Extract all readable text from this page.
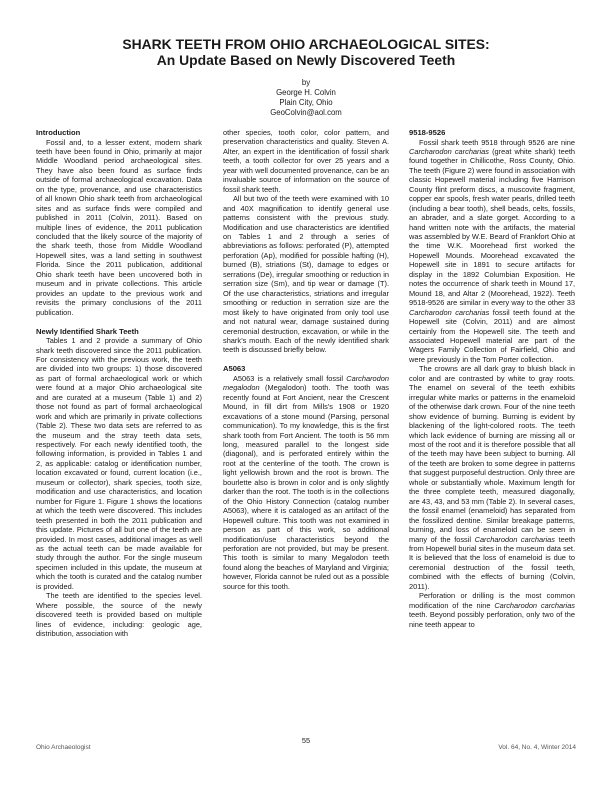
SHARK TEETH FROM OHIO ARCHAEOLOGICAL SITES:
An Update Based on Newly Discovered Teeth

by

George H. Colvin

Plain City, Ohio

GeoColvin@aol.com

Introduction

Fossil and, to a lesser extent, modern shark teeth have been found in Ohio, primarily at major Middle Woodland period archaeological sites. They have also been found as surface finds outside of formal archaeological excavation. Data on the type, provenance, and use characteristics of all known Ohio shark teeth from archaeological sites and as surface finds were compiled and published in 2011 (Colvin, 2011). Based on multiple lines of evidence, the 2011 publication concluded that the likely source of the majority of the shark teeth, those from Middle Woodland Hopewell sites, was a land setting in southwest Florida. Since the 2011 publication, additional Ohio shark teeth have been uncovered both in museum and in private collections. This article provides an update to the previous work and revisits the primary conclusions of the 2011 publication.

Newly Identified Shark Teeth

Tables 1 and 2 provide a summary of Ohio shark teeth discovered since the 2011 publication. For consistency with the previous work, the teeth are divided into two groups: 1) those discovered as part of formal archaeological work or which were found at a major Ohio archaeological site and are curated at a museum (Table 1) and 2) those not found as part of formal archaeological work and which are primarily in private collections (Table 2). These two data sets are referred to as the museum and the stray teeth data sets, respectively. For each newly identified tooth, the following information, is provided in Tables 1 and 2, as applicable: catalog or identification number, location excavated or found, current location (i.e., museum or collector), shark species, tooth size, modification and use characteristics, and location number for Figure 1. Figure 1 shows the locations at which the teeth were discovered. This includes teeth presented in both the 2011 publication and this update. Pictures of all but one of the teeth are provided. In most cases, additional images as well as the actual teeth can be made available for study through the author. For the single museum specimen included in this update, the museum at which the tooth is curated and the catalog number is provided.

The teeth are identified to the species level. Where possible, the source of the newly discovered teeth is provided based on multiple lines of evidence, including: geologic age, distribution, association with

other species, tooth color, color pattern, and preservation characteristics and quality. Steven A. Alter, an expert in the identification of fossil shark teeth, a tooth collector for over 25 years and a year with well documented provenance, can be an invaluable source of information on the source of fossil shark teeth.

All but two of the teeth were examined with 10 and 40X magnification to identify general use patterns consistent with the previous study. Modification and use characteristics are identified on Tables 1 and 2 through a series of abbreviations as follows: perforated (P), attempted perforation (Ap), modified for possible hafting (H), burned (B), striations (St), damage to edges or serrations (De), irregular smoothing or reduction in serration size (Sm), and tip wear or damage (T). Of the use characteristics, striations and irregular smoothing or reduction in serration size are the most likely to have originated from only tool use and not natural wear, damage sustained during ceremonial destruction, excavation, or while in the shark’s mouth. Each of the newly identified shark teeth is discussed briefly below.

A5063

A5063 is a relatively small fossil Carcharodon megalodon (Megalodon) tooth. The tooth was recently found at Fort Ancient, near the Crescent Mound, in fill dirt from Mills’s 1908 or 1920 excavations of a stone mound (Parsing, personal communication). To my knowledge, this is the first shark tooth from Fort Ancient. The tooth is 56 mm long, measured parallel to the longest side (diagonal), and is perforated entirely within the root at the centerline of the tooth. The crown is light yellowish brown and the root is brown. The bourlette also is brown in color and is only slightly darker than the root. The tooth is in the collections of the Ohio History Connection (catalog number A5063), where it is cataloged as an artifact of the Hopewell culture. This tooth was not examined in person as part of this work, so additional modification/use characteristics beyond the perforation are not provided, but may be present. This tooth is similar to many Megalodon teeth found along the beaches of Maryland and Virginia; however, Florida cannot be ruled out as a possible source for this tooth.

9518-9526

Fossil shark teeth 9518 through 9526 are nine Carcharodon carcharias (great white shark) teeth found together in Chillicothe, Ross County, Ohio. The teeth (Figure 2) were found in association with classic Hopewell material including five Harrison County flint preform discs, a muscovite fragment, copper ear spools, fresh water pearls, drilled teeth (including a bear tooth), shell beads, celts, fossils, an abrader, and a slate gorget. According to a hand written note with the artifacts, the material was assembled by W.E. Beard of Frankfort Ohio at the time W.K. Moorehead first worked the Hopewell Mounds. Moorehead excavated the Hopewell site in 1891 to secure artifacts for display in the 1892 Columbian Exposition. He notes the occurrence of shark teeth in Mound 17, Mound 18, and Altar 2 (Moorehead, 1922). Teeth 9518-9526 are similar in every way to the other 33 Carcharodon carcharias fossil teeth found at the Hopewell site (Colvin, 2011) and are almost certainly from the Hopewell site. The teeth and associated Hopewell material are part of the Wagers Family Collection of Fairfield, Ohio and were previously in the Tom Porter collection.

The crowns are all dark gray to bluish black in color and are contrasted by white to gray roots. The enamel on several of the teeth exhibits irregular white marks or patterns in the enameloid of the otherwise dark crown. Four of the nine teeth show evidence of burning. Burning is evident by blackening of the light-colored roots. The teeth which lack evidence of burning are missing all or most of the root and it is therefore possible that all of the teeth may have been subject to burning. All of the teeth are broken to some degree in patterns that suggest purposeful destruction. Only three are whole or substantially whole. Maximum length for the three complete teeth, measured diagonally, are 43, 43, and 53 mm (Table 2). In several cases, the fossil enamel (enameloid) has separated from the fossilized dentine. Similar breakage patterns, burning, and loss of enameloid can be seen in many of the fossil Carcharodon carcharias teeth from Hopewell burial sites in the museum data set. It is believed that the loss of enameloid is due to ceremonial destruction of the fossil teeth, combined with the effects of burning (Colvin, 2011).

Perforation or drilling is the most common modification of the nine Carcharodon carcharias teeth. Beyond possibly perforation, only two of the nine teeth appear to

Ohio Archaeologist
55
Vol. 64, No. 4, Winter 2014
